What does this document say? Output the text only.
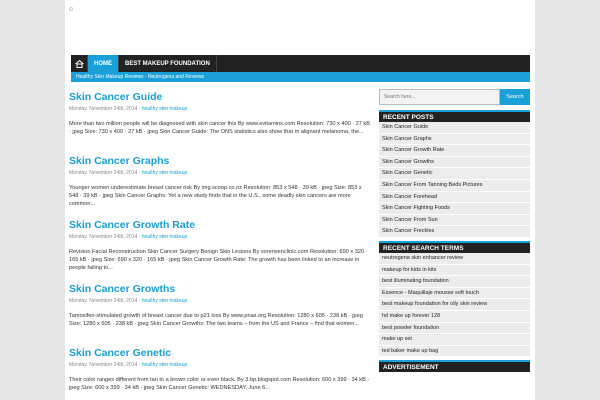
HOME	BEST MAKEUP FOUNDATION
Healthy Skin Makeup Reviews - Neutrogena and Reviews
Skin Cancer Guide
Monday, November 24th, 2014 · healthy skin makeup
More than two million people will be diagnosed with skin cancer this By www.evitamins.com Resolution: 730 x 400 · 27 kB · jpeg Size: 730 x 400 · 27 kB · jpeg Skin Cancer Guide: The ONS statistics also show that m alignant melanoma, the...
Skin Cancer Graphs
Monday, November 24th, 2014 · healthy skin makeup
Younger women underestimate breast cancer risk By img.scoop.co.nz Resolution: 853 x 548 · 39 kB · jpeg Size: 853 x 548 · 39 kB · jpeg Skin Cancer Graphs: Yet a new study finds that in the U.S., some deadly skin cancers are more common...
Skin Cancer Growth Rate
Monday, November 24th, 2014 · healthy skin makeup
Revision Facial Reconstruction Skin Cancer Surgery Benign Skin Lesions By sorensenclinic.com Resolution: 690 x 320 · 165 kB · jpeg Size: 690 x 320 · 165 kB · jpeg Skin Cancer Growth Rate: The growth has been linked to an increase in people failing to...
Skin Cancer Growths
Monday, November 24th, 2014 · healthy skin makeup
Tamoxifen-stimulated growth of breast cancer due to p21 loss By www.pnas.org Resolution: 1280 x 605 · 238 kB · jpeg Size: 1280 x 605 · 238 kB · jpeg Skin Cancer Growths: The two teams – from the US and France – find that women...
Skin Cancer Genetic
Monday, November 24th, 2014 · healthy skin makeup
Their color ranges different from tan to a brown color or even black. By 3.bp.blogspot.com Resolution: 600 x 399 · 34 kB · jpeg Size: 600 x 399 · 34 kB · jpeg Skin Cancer Genetic: WEDNESDAY, June 6...
Search here...
Search
RECENT POSTS
Skin Cancer Guide
Skin Cancer Graphs
Skin Cancer Growth Rate
Skin Cancer Growths
Skin Cancer Genetic
Skin Cancer From Tanning Beds Pictures
Skin Cancer Forehead
Skin Cancer Fighting Foods
Skin Cancer From Sun
Skin Cancer Freckles
RECENT SEARCH TERMS
neutrogena skin enhancer review
makeup for kids in kits
best illuminating foundation
Essence - Maquillaje mousse soft touch
best makeup foundation for oily skin review
hd make up forever 128
best powder foundation
make up set
ted baker make up bag
ADVERTISEMENT
